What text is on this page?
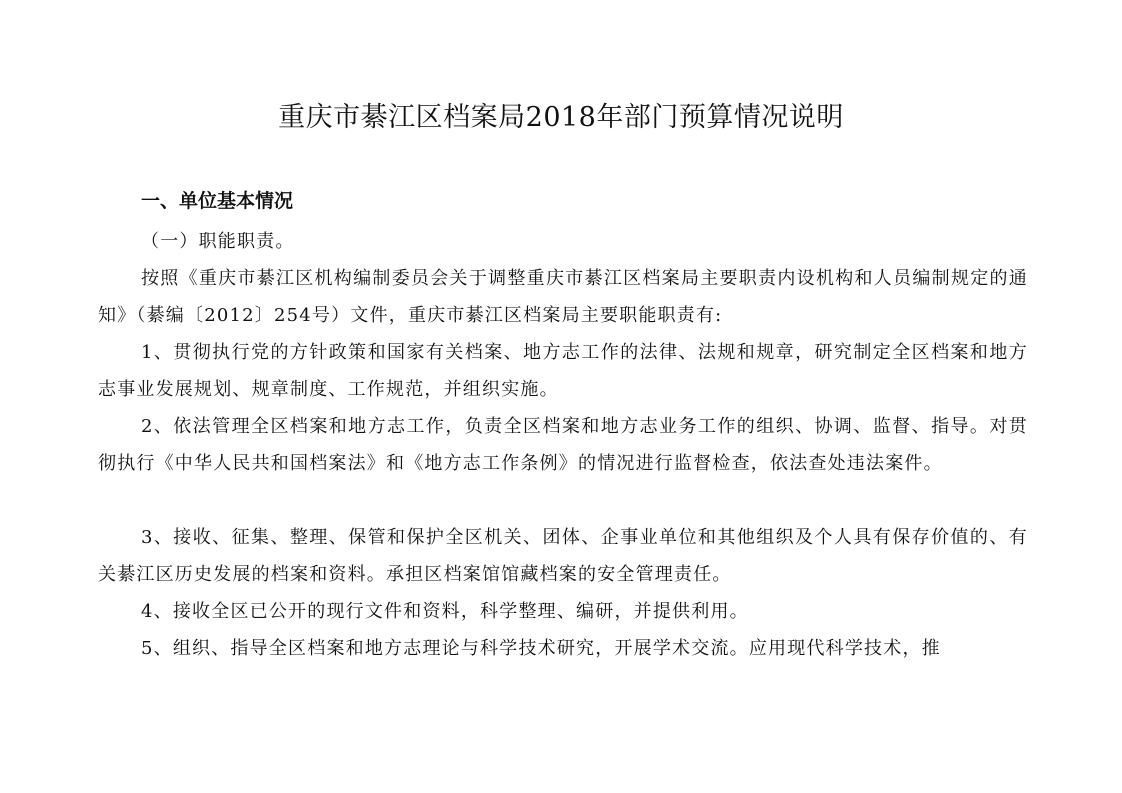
重庆市綦江区档案局2018年部门预算情况说明
一、单位基本情况
（一）职能职责。
按照《重庆市綦江区机构编制委员会关于调整重庆市綦江区档案局主要职责内设机构和人员编制规定的通知》（綦编〔2012〕254号）文件，重庆市綦江区档案局主要职能职责有:
1、贯彻执行党的方针政策和国家有关档案、地方志工作的法律、法规和规章，研究制定全区档案和地方志事业发展规划、规章制度、工作规范，并组织实施。
2、依法管理全区档案和地方志工作，负责全区档案和地方志业务工作的组织、协调、监督、指导。对贯彻执行《中华人民共和国档案法》和《地方志工作条例》的情况进行监督检查，依法查处违法案件。
3、接收、征集、整理、保管和保护全区机关、团体、企事业单位和其他组织及个人具有保存价值的、有关綦江区历史发展的档案和资料。承担区档案馆馆藏档案的安全管理责任。
4、接收全区已公开的现行文件和资料，科学整理、编研，并提供利用。
5、组织、指导全区档案和地方志理论与科学技术研究，开展学术交流。应用现代科学技术，推
